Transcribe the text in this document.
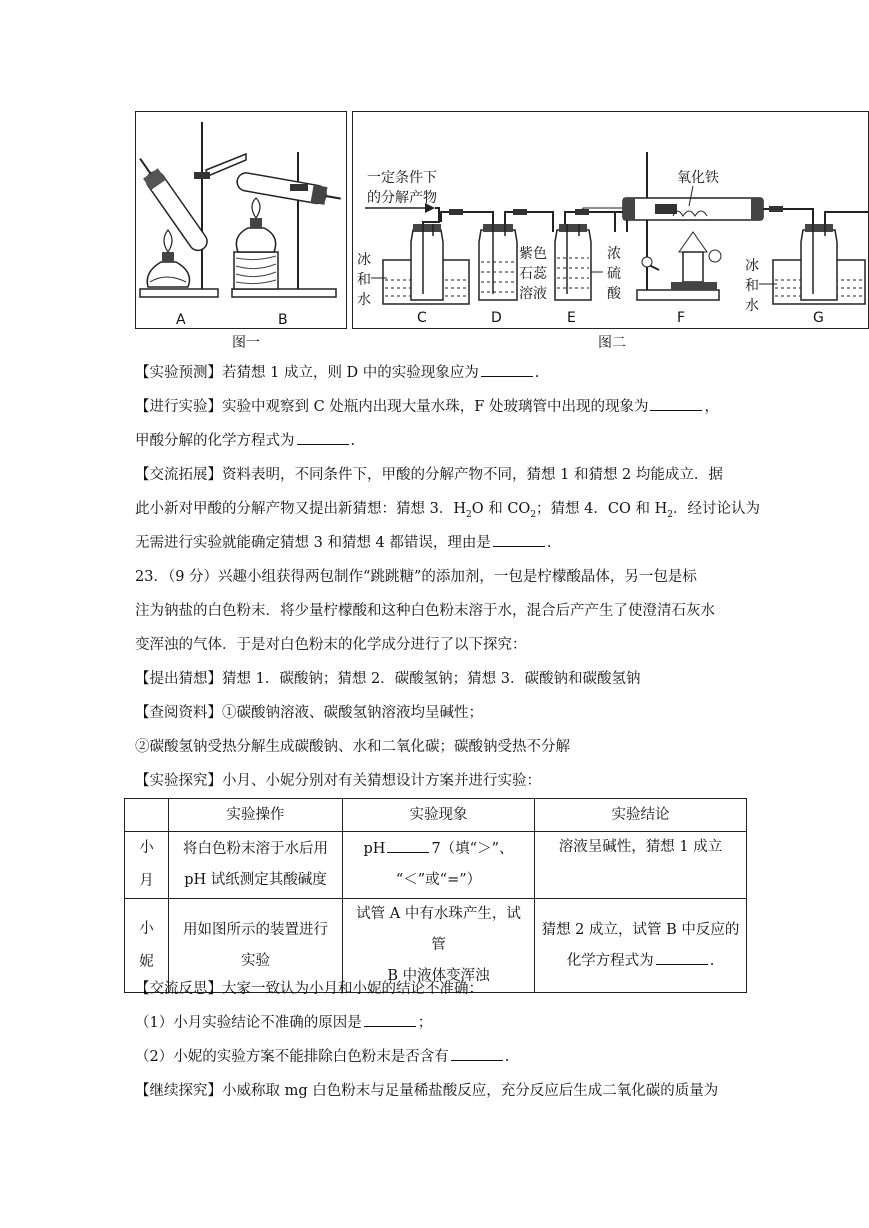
A	B
图一
一定条件下
的分解产物
冰
和
水
C	D
紫色
石蕊
溶液
E
浓
硫
酸
氧化铁
F
冰
和
水
G
图二
【实验预测】若猜想 1 成立，则 D 中的实验现象应为	.
【进行实验】实验中观察到 C 处瓶内出现大量水珠，F 处玻璃管中出现的现象为	，
甲酸分解的化学方程式为	.
【交流拓展】资料表明，不同条件下，甲酸的分解产物不同，猜想 1 和猜想 2 均能成立．据
此小新对甲酸的分解产物又提出新猜想：猜想 3．$H_2O$ 和 $CO_2$；猜想 4．CO 和 $H_2$．经讨论认为
无需进行实验就能确定猜想 3 和猜想 4 都错误，理由是	.
23．（9 分）兴趣小组获得两包制作“跳跳糖”的添加剂，一包是柠檬酸晶体，另一包是标
注为钠盐的白色粉末．将少量柠檬酸和这种白色粉末溶于水，混合后产产生了使澄清石灰水
变浑浊的气体．于是对白色粉末的化学成分进行了以下探究：
【提出猜想】猜想 1．碳酸钠；猜想 2．碳酸氢钠；猜想 3．碳酸钠和碳酸氢钠
【查阅资料】①碳酸钠溶液、碳酸氢钠溶液均呈碱性；
②碳酸氢钠受热分解生成碳酸钠、水和二氧化碳；碳酸钠受热不分解
【实验探究】小月、小妮分别对有关猜想设计方案并进行实验：
	实验操作	实验现象	实验结论
小
月	将白色粉末溶于水后用
pH 试纸测定其酸碱度	pH 7（填“＞”、
“＜”或“=”）	溶液呈碱性，猜想 1 成立
小
妮	用如图所示的装置进行
实验	试管 A 中有水珠产生，试管
B 中液体变浑浊	猜想 2 成立，试管 B 中反应的
化学方程式为 .
【交流反思】大家一致认为小月和小妮的结论不准确：
（1）小月实验结论不准确的原因是	；
（2）小妮的实验方案不能排除白色粉末是否含有	.
【继续探究】小威称取 mg 白色粉末与足量稀盐酸反应，充分反应后生成二氧化碳的质量为
